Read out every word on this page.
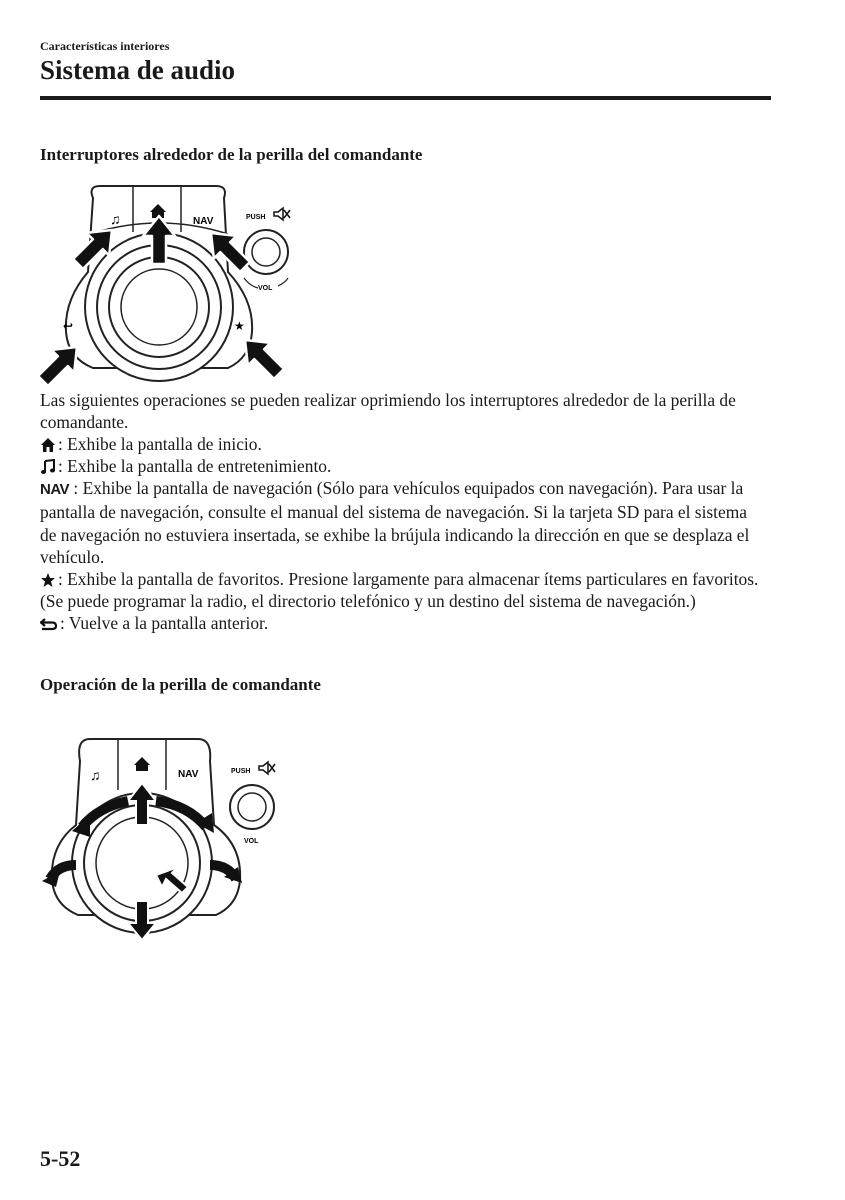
Características interiores
Sistema de audio
Interruptores alrededor de la perilla del comandante
♫	NAV
↩	★
PUSH
VOL

Las siguientes operaciones se pueden realizar oprimiendo los interruptores alrededor de la perilla de comandante.

: Exhibe la pantalla de inicio.

: Exhibe la pantalla de entretenimiento.

NAV : Exhibe la pantalla de navegación (Sólo para vehículos equipados con navegación). Para usar la pantalla de navegación, consulte el manual del sistema de navegación. Si la tarjeta SD para el sistema de navegación no estuviera insertada, se exhibe la brújula indicando la dirección en que se desplaza el vehículo.

: Exhibe la pantalla de favoritos. Presione largamente para almacenar ítems particulares en favoritos. (Se puede programar la radio, el directorio telefónico y un destino del sistema de navegación.)

: Vuelve a la pantalla anterior.

Operación de la perilla de comandante
♫	NAV	PUSH
VOL
5-52
